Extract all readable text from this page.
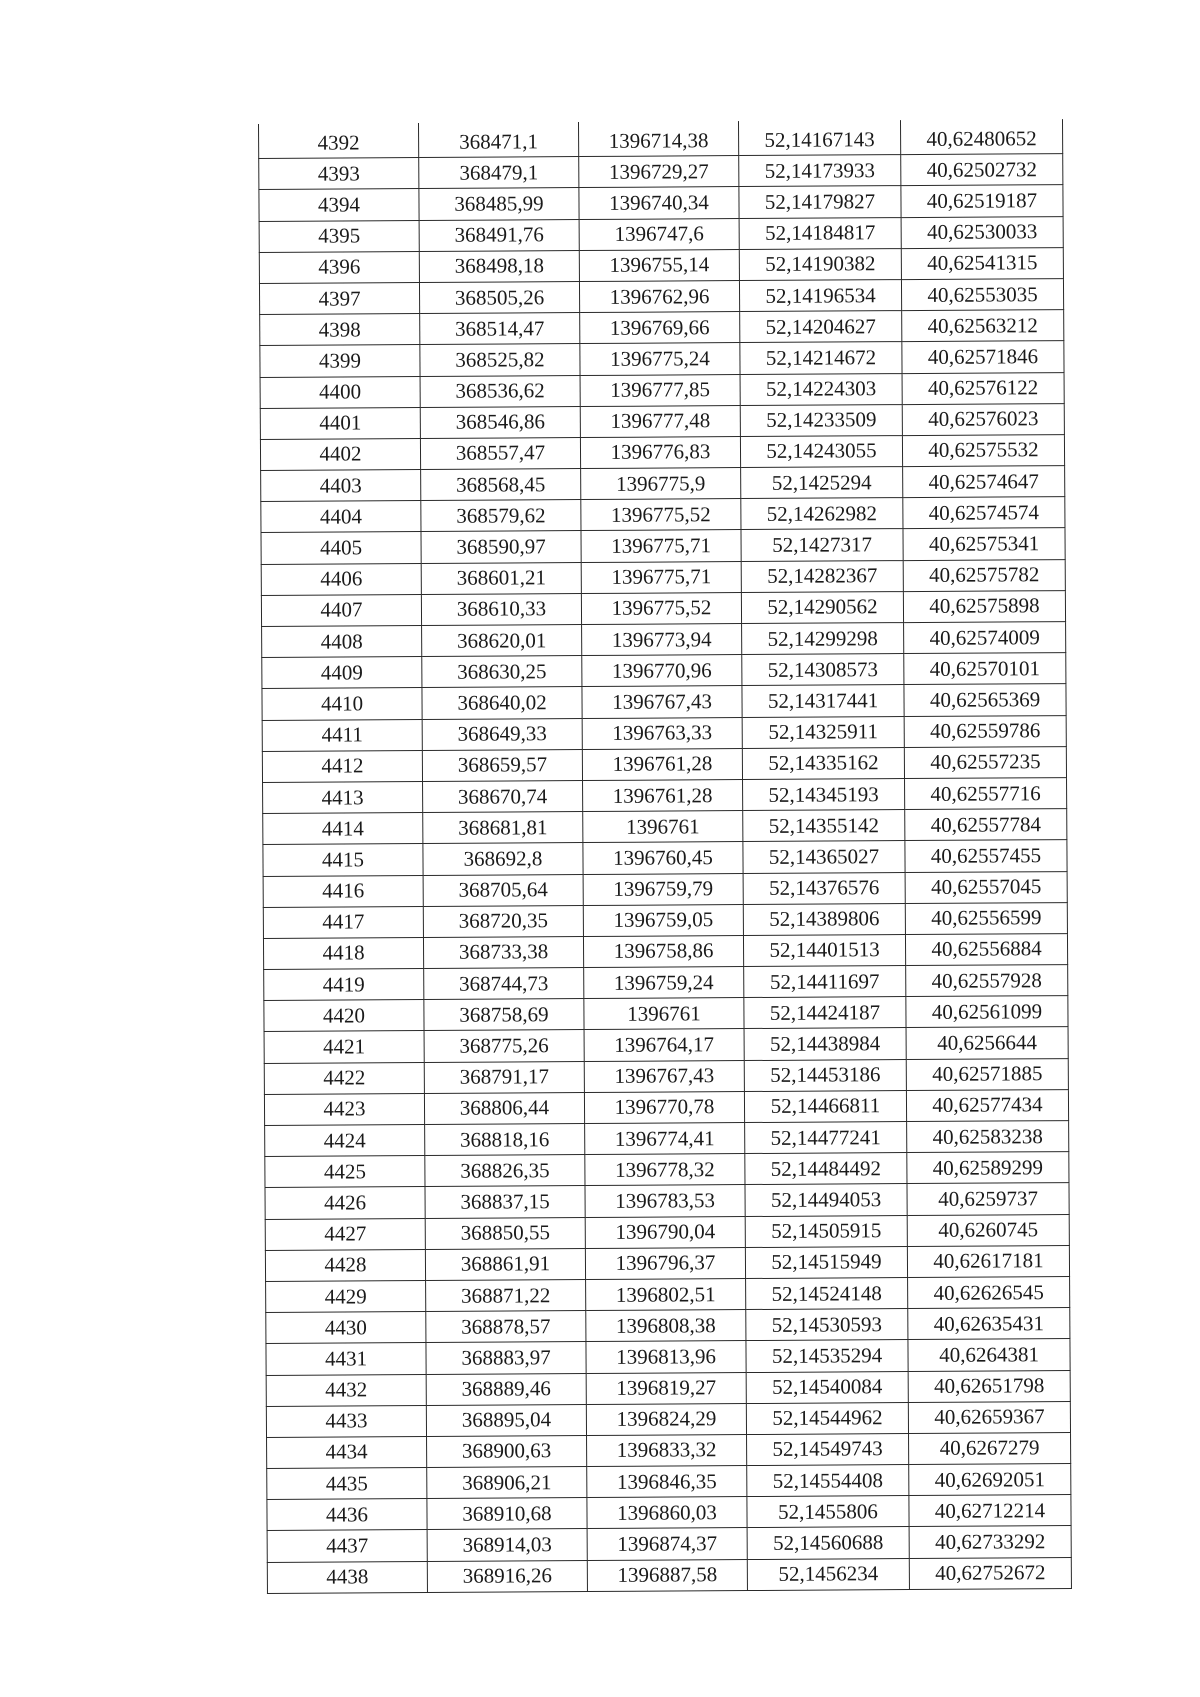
4392	368471,1	1396714,38	52,14167143	40,62480652
4393	368479,1	1396729,27	52,14173933	40,62502732
4394	368485,99	1396740,34	52,14179827	40,62519187
4395	368491,76	1396747,6	52,14184817	40,62530033
4396	368498,18	1396755,14	52,14190382	40,62541315
4397	368505,26	1396762,96	52,14196534	40,62553035
4398	368514,47	1396769,66	52,14204627	40,62563212
4399	368525,82	1396775,24	52,14214672	40,62571846
4400	368536,62	1396777,85	52,14224303	40,62576122
4401	368546,86	1396777,48	52,14233509	40,62576023
4402	368557,47	1396776,83	52,14243055	40,62575532
4403	368568,45	1396775,9	52,1425294	40,62574647
4404	368579,62	1396775,52	52,14262982	40,62574574
4405	368590,97	1396775,71	52,1427317	40,62575341
4406	368601,21	1396775,71	52,14282367	40,62575782
4407	368610,33	1396775,52	52,14290562	40,62575898
4408	368620,01	1396773,94	52,14299298	40,62574009
4409	368630,25	1396770,96	52,14308573	40,62570101
4410	368640,02	1396767,43	52,14317441	40,62565369
4411	368649,33	1396763,33	52,14325911	40,62559786
4412	368659,57	1396761,28	52,14335162	40,62557235
4413	368670,74	1396761,28	52,14345193	40,62557716
4414	368681,81	1396761	52,14355142	40,62557784
4415	368692,8	1396760,45	52,14365027	40,62557455
4416	368705,64	1396759,79	52,14376576	40,62557045
4417	368720,35	1396759,05	52,14389806	40,62556599
4418	368733,38	1396758,86	52,14401513	40,62556884
4419	368744,73	1396759,24	52,14411697	40,62557928
4420	368758,69	1396761	52,14424187	40,62561099
4421	368775,26	1396764,17	52,14438984	40,6256644
4422	368791,17	1396767,43	52,14453186	40,62571885
4423	368806,44	1396770,78	52,14466811	40,62577434
4424	368818,16	1396774,41	52,14477241	40,62583238
4425	368826,35	1396778,32	52,14484492	40,62589299
4426	368837,15	1396783,53	52,14494053	40,6259737
4427	368850,55	1396790,04	52,14505915	40,6260745
4428	368861,91	1396796,37	52,14515949	40,62617181
4429	368871,22	1396802,51	52,14524148	40,62626545
4430	368878,57	1396808,38	52,14530593	40,62635431
4431	368883,97	1396813,96	52,14535294	40,6264381
4432	368889,46	1396819,27	52,14540084	40,62651798
4433	368895,04	1396824,29	52,14544962	40,62659367
4434	368900,63	1396833,32	52,14549743	40,6267279
4435	368906,21	1396846,35	52,14554408	40,62692051
4436	368910,68	1396860,03	52,1455806	40,62712214
4437	368914,03	1396874,37	52,14560688	40,62733292
4438	368916,26	1396887,58	52,1456234	40,62752672
